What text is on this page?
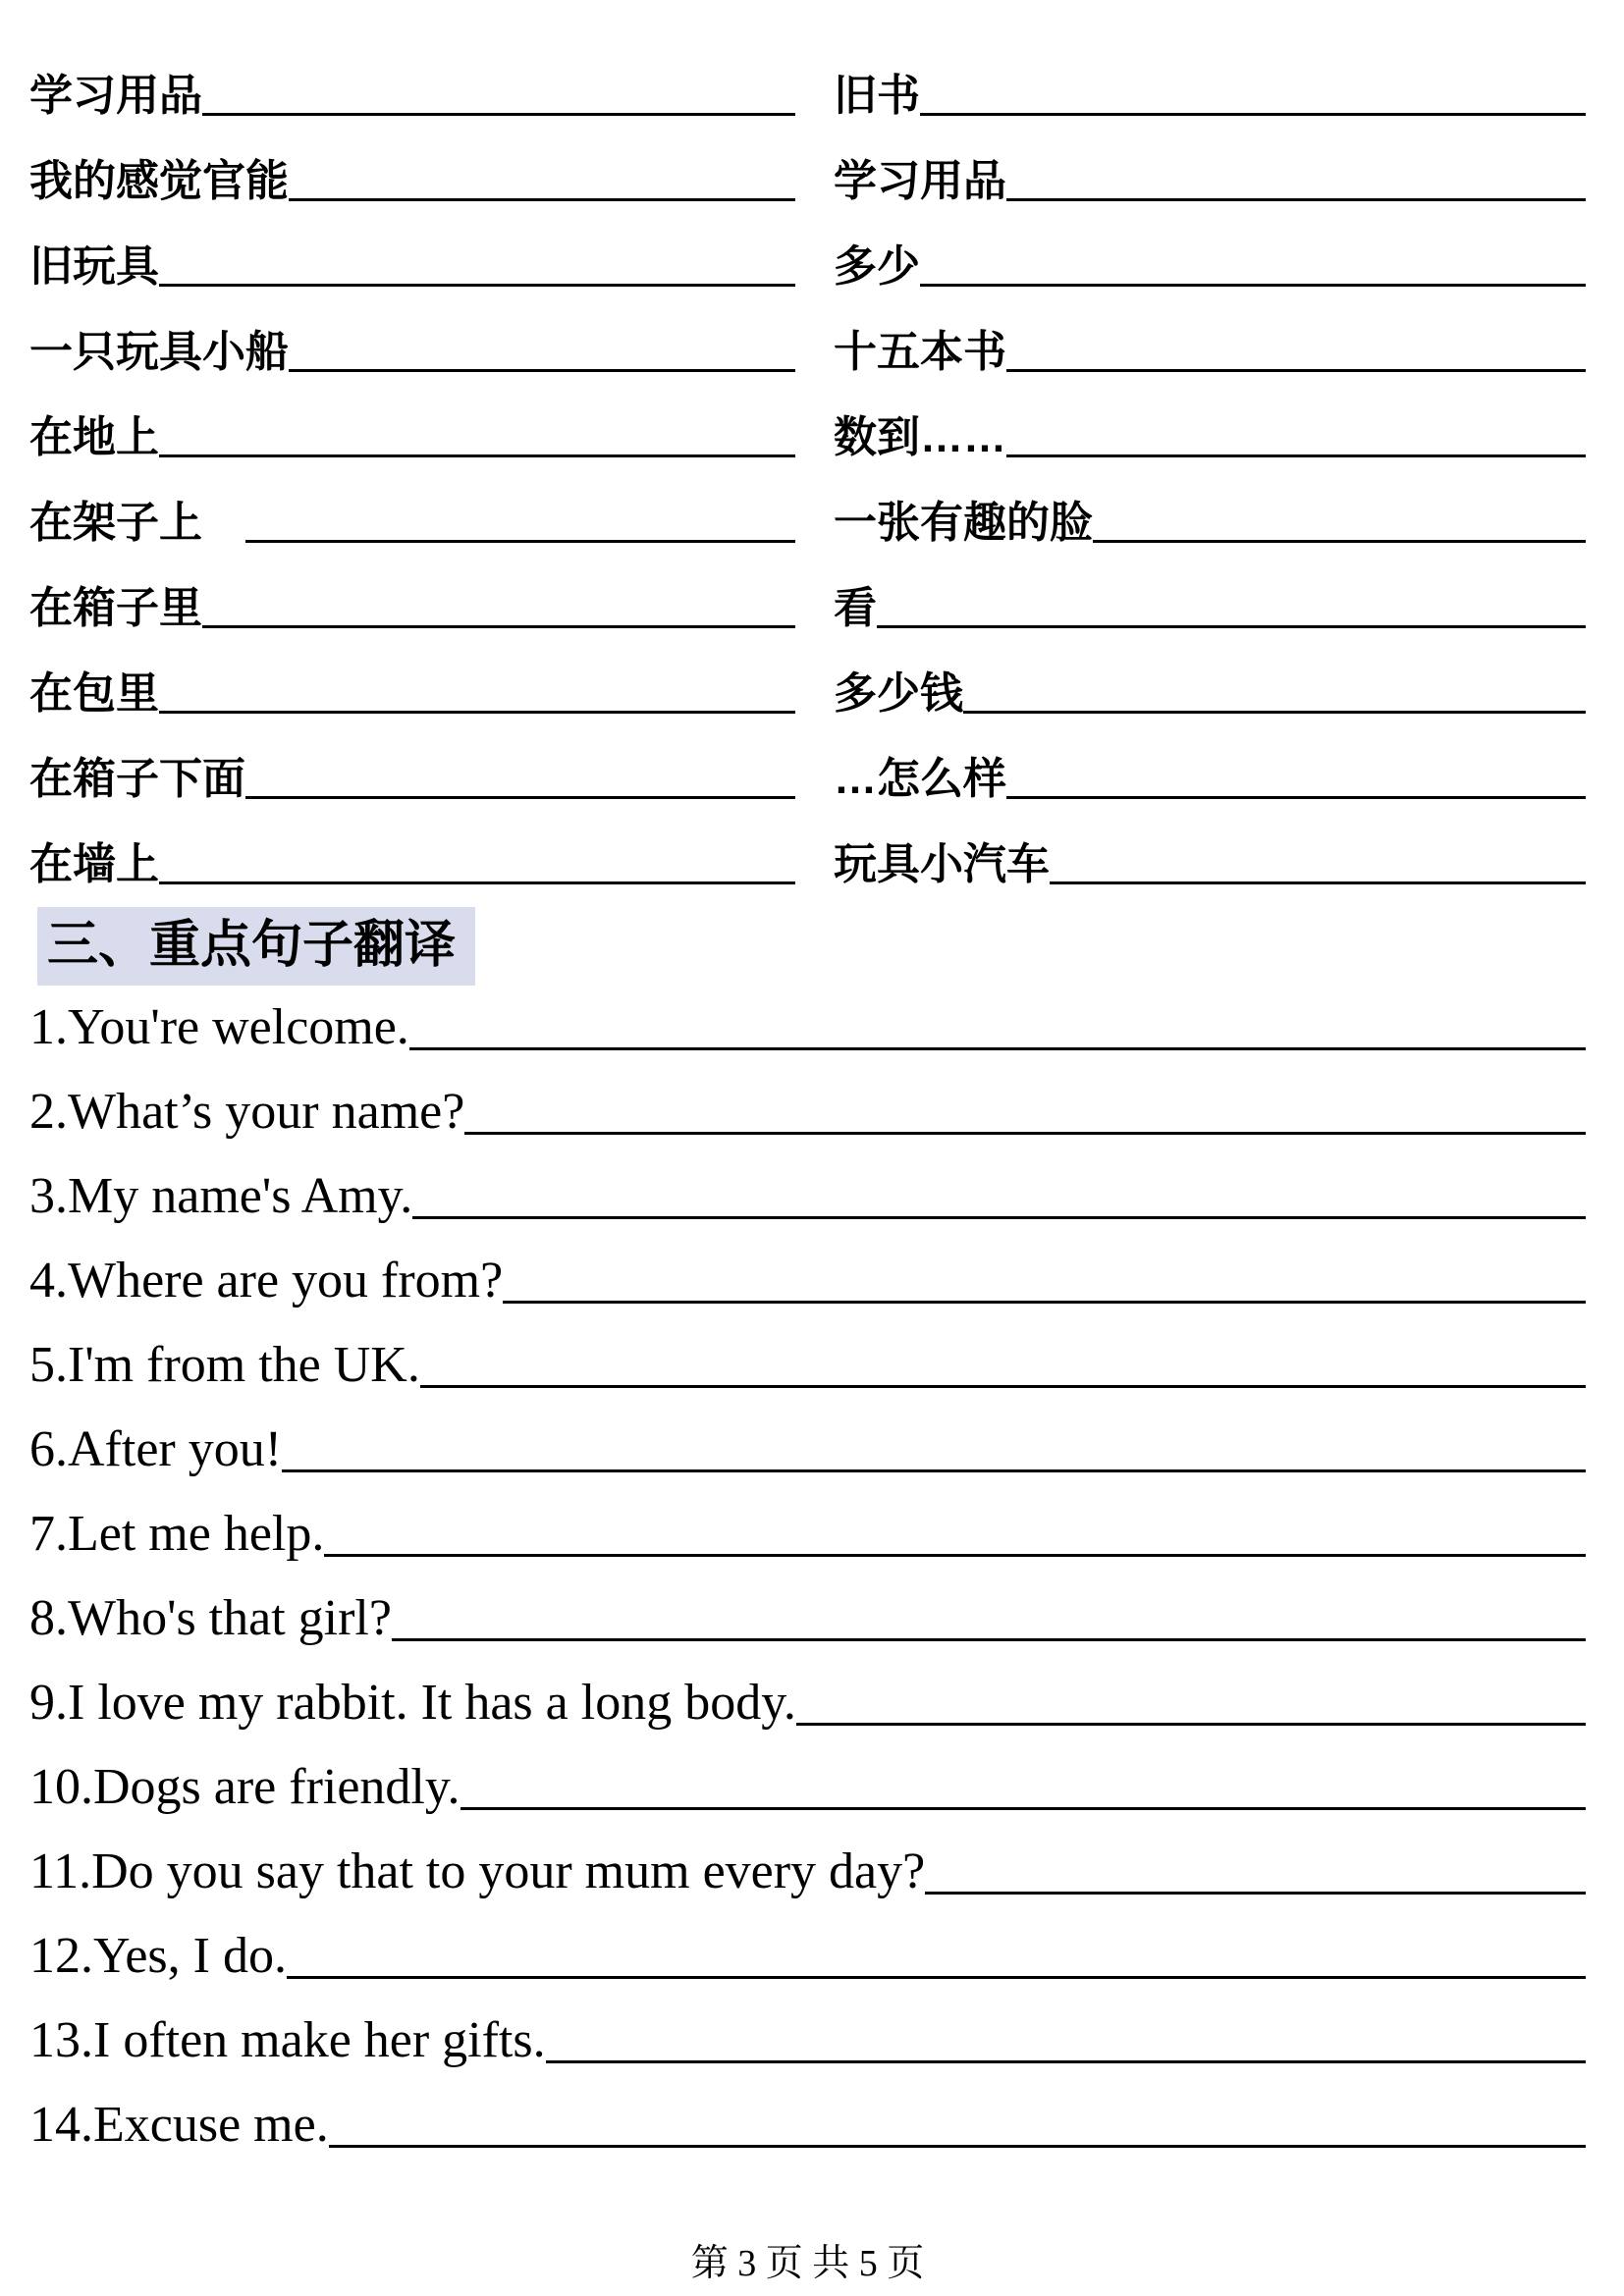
学习用品	旧书
我的感觉官能	学习用品
旧玩具	多少
一只玩具小船	十五本书
在地上	数到……
在架子上　	一张有趣的脸
在箱子里	看
在包里	多少钱
在箱子下面	…怎么样
在墙上	玩具小汽车
三、重点句子翻译
1.You're welcome.
2.What’s your name?
3.My name's Amy.
4.Where are you from?
5.I'm from the UK.
6.After you!
7.Let me help.
8.Who's that girl?
9.I love my rabbit. It has a long body.
10.Dogs are friendly.
11.Do you say that to your mum every day?
12.Yes, I do.
13.I often make her gifts.
14.Excuse me.
第 3 页 共 5 页
